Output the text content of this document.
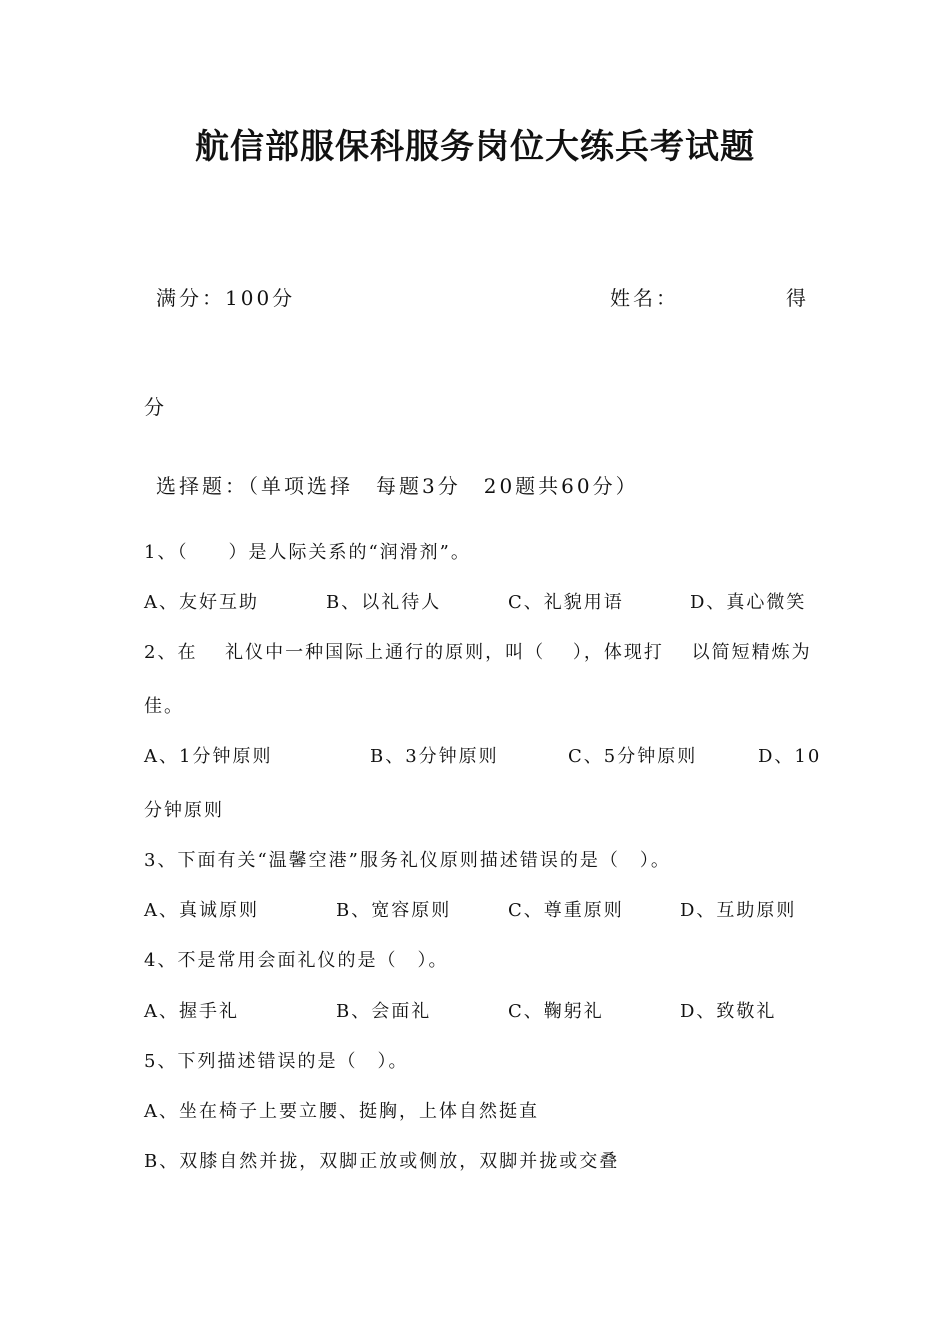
航信部服保科服务岗位大练兵考试题
满分：100分	姓名：	得
分
选择题：（单项选择　每题3分　20题共60分）
1、（　　）是人际关系的“润滑剂”。
A、友好互助	B、以礼待人	C、礼貌用语	D、真心微笑
2、在　 礼仪中一种国际上通行的原则，叫（　 ），体现打　 以简短精炼为
佳。
A、1分钟原则	B、3分钟原则	C、5分钟原则	D、10
分钟原则
3、下面有关“温馨空港”服务礼仪原则描述错误的是（　）。
A、真诚原则	B、宽容原则	C、尊重原则	D、互助原则
4、不是常用会面礼仪的是（　）。
A、握手礼	B、会面礼	C、鞠躬礼	D、致敬礼
5、下列描述错误的是（　）。
A、坐在椅子上要立腰、挺胸，上体自然挺直
B、双膝自然并拢，双脚正放或侧放，双脚并拢或交叠
